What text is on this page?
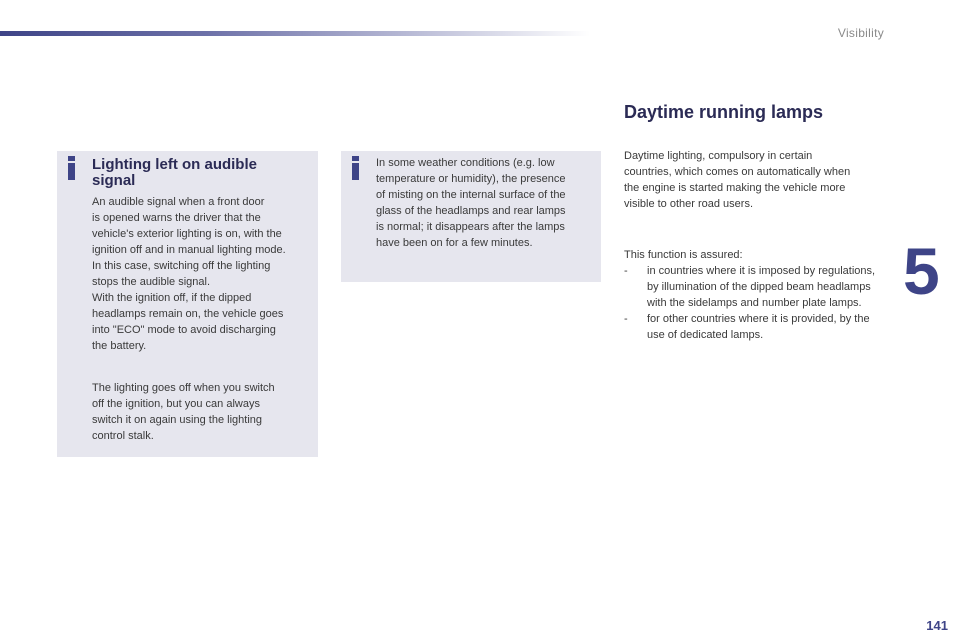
Visibility
5
Lighting left on audible signal

An audible signal when a front door
is opened warns the driver that the
vehicle's exterior lighting is on, with the
ignition off and in manual lighting mode.
In this case, switching off the lighting
stops the audible signal.
With the ignition off, if the dipped
headlamps remain on, the vehicle goes
into "ECO" mode to avoid discharging
the battery.

The lighting goes off when you switch
off the ignition, but you can always
switch it on again using the lighting
control stalk.

In some weather conditions (e.g. low
temperature or humidity), the presence
of misting on the internal surface of the
glass of the headlamps and rear lamps
is normal; it disappears after the lamps
have been on for a few minutes.

Daytime running lamps

Daytime lighting, compulsory in certain
countries, which comes on automatically when
the engine is started making the vehicle more
visible to other road users.

This function is assured:

- in countries where it is imposed by regulations, by illumination of the dipped beam headlamps with the sidelamps and number plate lamps.
- for other countries where it is provided, by the use of dedicated lamps.
141
